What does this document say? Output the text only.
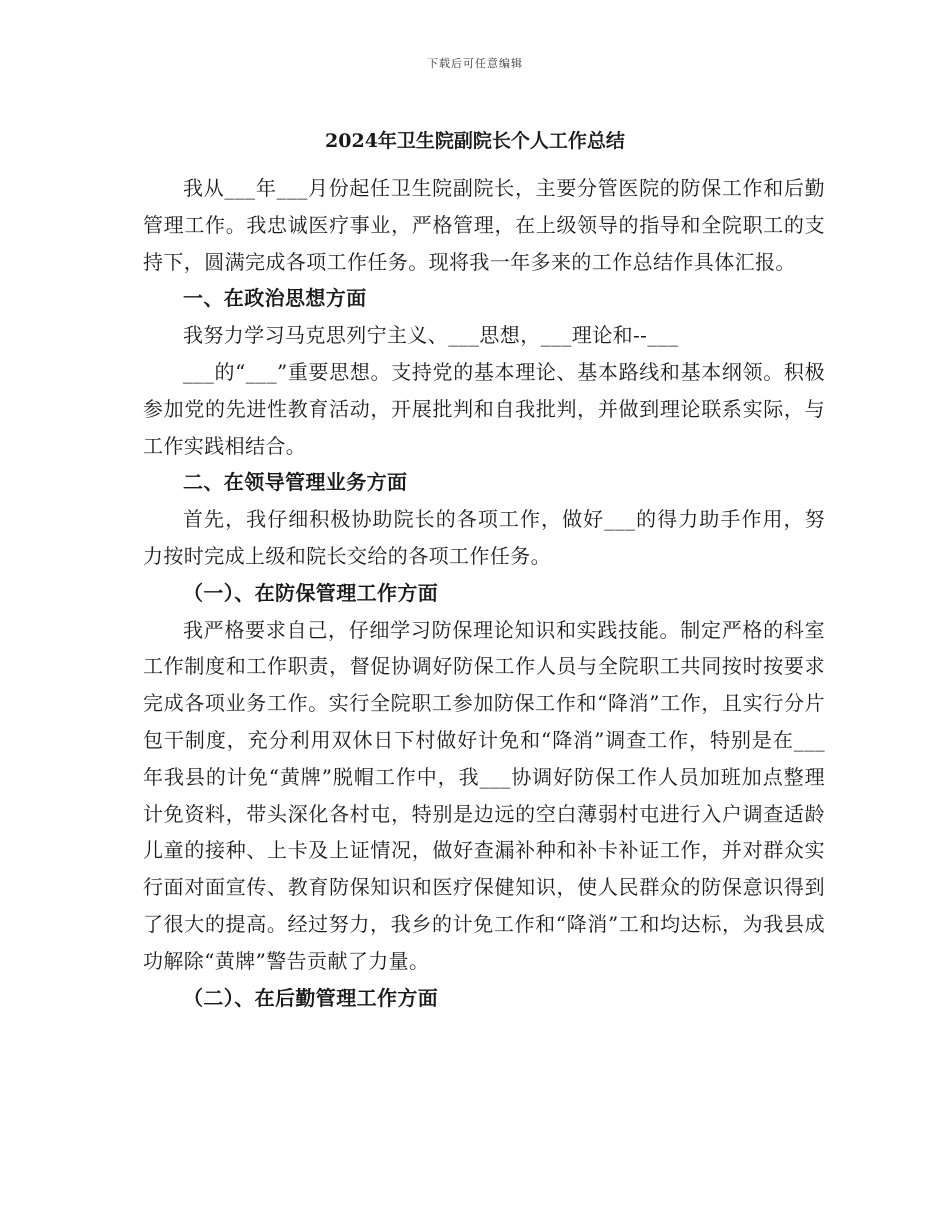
下载后可任意编辑
2024年卫生院副院长个人工作总结

我从___年___月份起任卫生院副院长，主要分管医院的防保工作和后勤管理工作。我忠诚医疗事业，严格管理，在上级领导的指导和全院职工的支持下，圆满完成各项工作任务。现将我一年多来的工作总结作具体汇报。

一、在政治思想方面

我努力学习马克思列宁主义、___思想，___理论和--___

___的“___”重要思想。支持党的基本理论、基本路线和基本纲领。积极参加党的先进性教育活动，开展批判和自我批判，并做到理论联系实际，与工作实践相结合。

二、在领导管理业务方面

首先，我仔细积极协助院长的各项工作，做好___的得力助手作用，努力按时完成上级和院长交给的各项工作任务。

（一）、在防保管理工作方面

我严格要求自己，仔细学习防保理论知识和实践技能。制定严格的科室工作制度和工作职责，督促协调好防保工作人员与全院职工共同按时按要求完成各项业务工作。实行全院职工参加防保工作和“降消”工作，且实行分片包干制度，充分利用双休日下村做好计免和“降消”调查工作，特别是在___年我县的计免“黄牌”脱帽工作中，我___协调好防保工作人员加班加点整理计免资料，带头深化各村屯，特别是边远的空白薄弱村屯进行入户调查适龄儿童的接种、上卡及上证情况，做好查漏补种和补卡补证工作，并对群众实行面对面宣传、教育防保知识和医疗保健知识，使人民群众的防保意识得到了很大的提高。经过努力，我乡的计免工作和“降消”工和均达标，为我县成功解除“黄牌”警告贡献了力量。

（二）、在后勤管理工作方面
